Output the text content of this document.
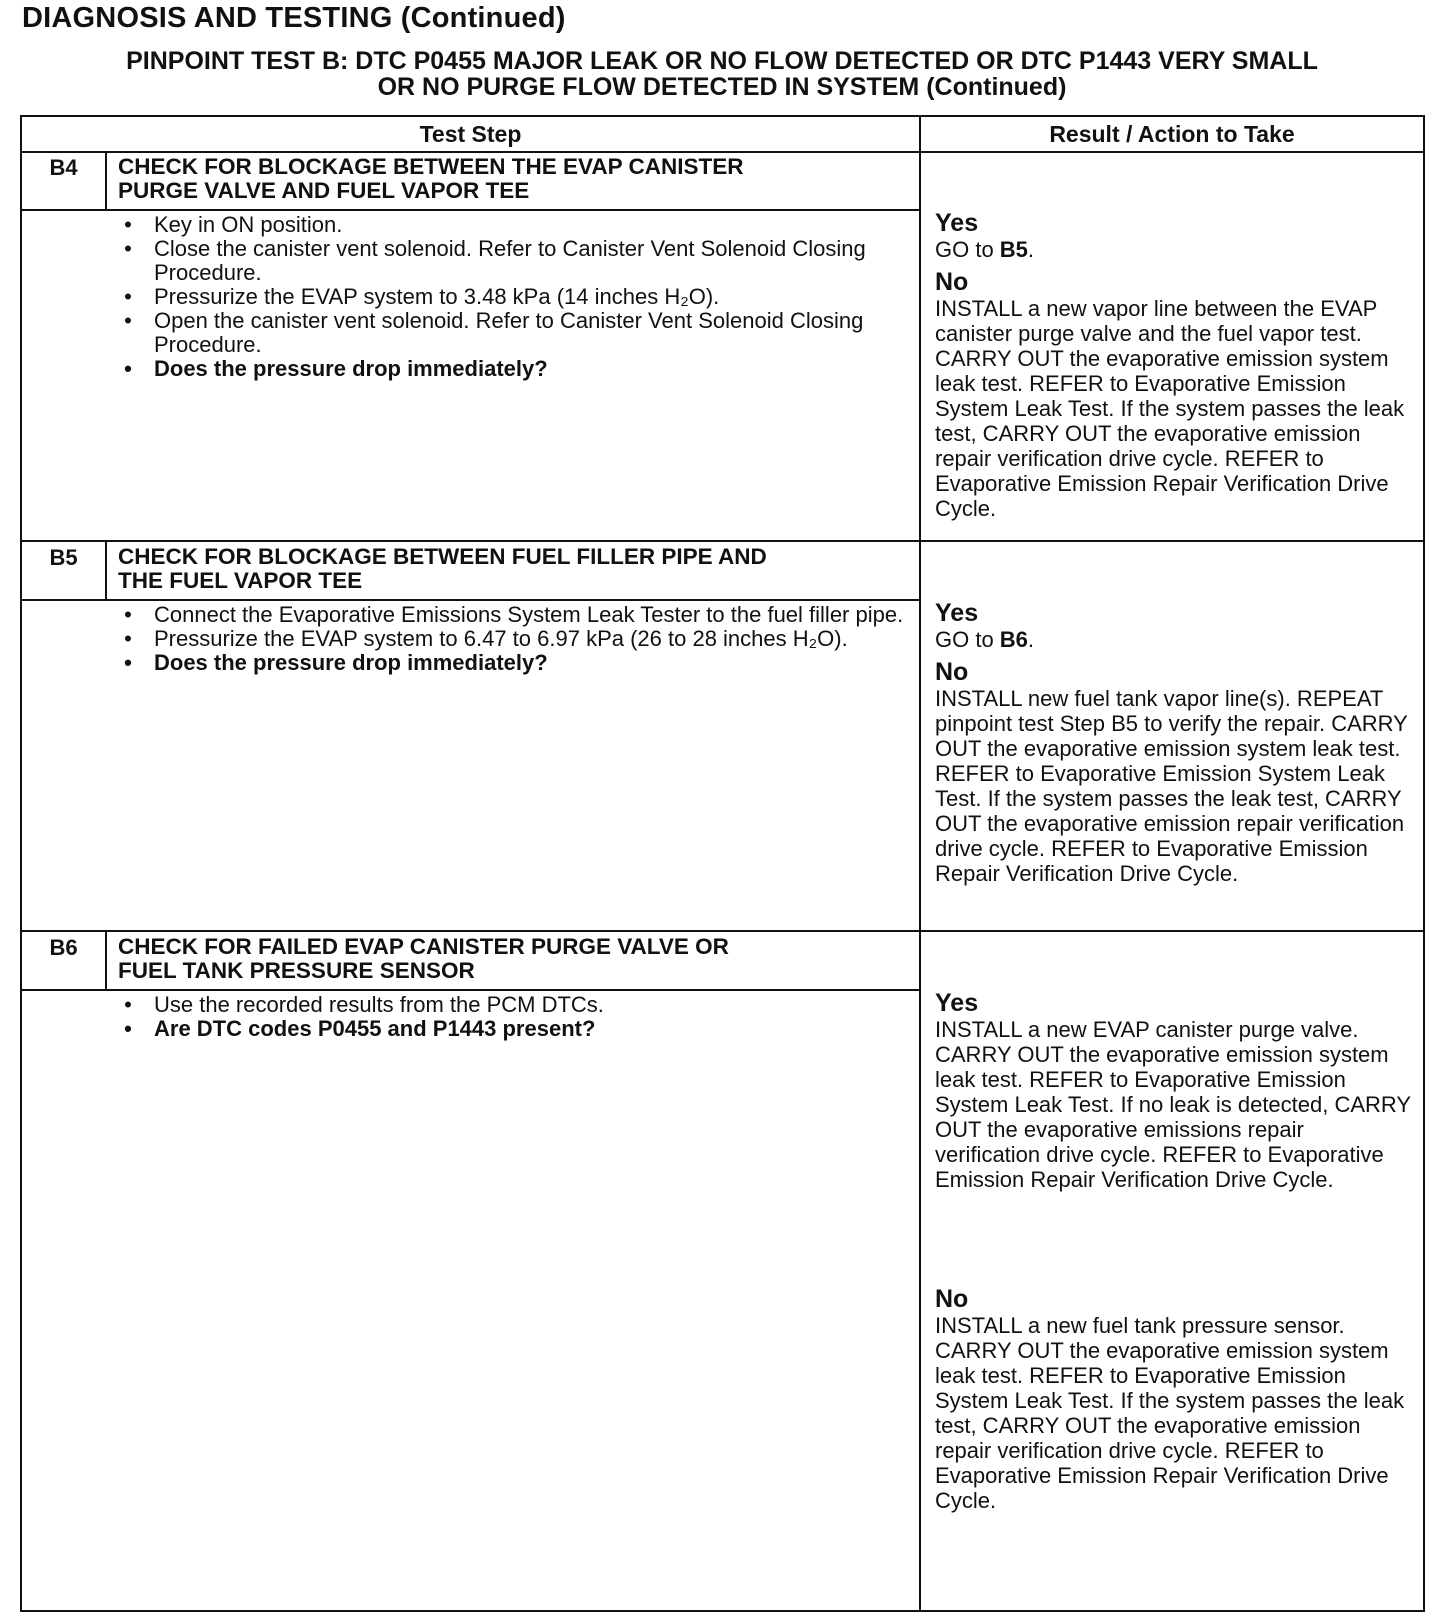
DIAGNOSIS AND TESTING (Continued)
PINPOINT TEST B: DTC P0455 MAJOR LEAK OR NO FLOW DETECTED OR DTC P1443 VERY SMALL
OR NO PURGE FLOW DETECTED IN SYSTEM (Continued)
Test Step	Result / Action to Take
B4	CHECK FOR BLOCKAGE BETWEEN THE EVAP CANISTER
PURGE VALVE AND FUEL VAPOR TEE
• Key in ON position.
• Close the canister vent solenoid. Refer to Canister Vent Solenoid Closing Procedure.
• Pressurize the EVAP system to 3.48 kPa (14 inches H₂O).
• Open the canister vent solenoid. Refer to Canister Vent Solenoid Closing Procedure.
• Does the pressure drop immediately?
Yes

GO to B5.

No

INSTALL a new vapor line between the EVAP canister purge valve and the fuel vapor test. CARRY OUT the evaporative emission system leak test. REFER to Evaporative Emission System Leak Test. If the system passes the leak test, CARRY OUT the evaporative emission repair verification drive cycle. REFER to Evaporative Emission Repair Verification Drive Cycle.

B5	CHECK FOR BLOCKAGE BETWEEN FUEL FILLER PIPE AND
THE FUEL VAPOR TEE
• Connect the Evaporative Emissions System Leak Tester to the fuel filler pipe.
• Pressurize the EVAP system to 6.47 to 6.97 kPa (26 to 28 inches H₂O).
• Does the pressure drop immediately?
Yes

GO to B6.

No

INSTALL new fuel tank vapor line(s). REPEAT pinpoint test Step B5 to verify the repair. CARRY OUT the evaporative emission system leak test. REFER to Evaporative Emission System Leak Test. If the system passes the leak test, CARRY OUT the evaporative emission repair verification drive cycle. REFER to Evaporative Emission Repair Verification Drive Cycle.

B6	CHECK FOR FAILED EVAP CANISTER PURGE VALVE OR
FUEL TANK PRESSURE SENSOR
• Use the recorded results from the PCM DTCs.
• Are DTC codes P0455 and P1443 present?
Yes

INSTALL a new EVAP canister purge valve. CARRY OUT the evaporative emission system leak test. REFER to Evaporative Emission System Leak Test. If no leak is detected, CARRY OUT the evaporative emissions repair verification drive cycle. REFER to Evaporative Emission Repair Verification Drive Cycle.

No

INSTALL a new fuel tank pressure sensor. CARRY OUT the evaporative emission system leak test. REFER to Evaporative Emission System Leak Test. If the system passes the leak test, CARRY OUT the evaporative emission repair verification drive cycle. REFER to Evaporative Emission Repair Verification Drive Cycle.
